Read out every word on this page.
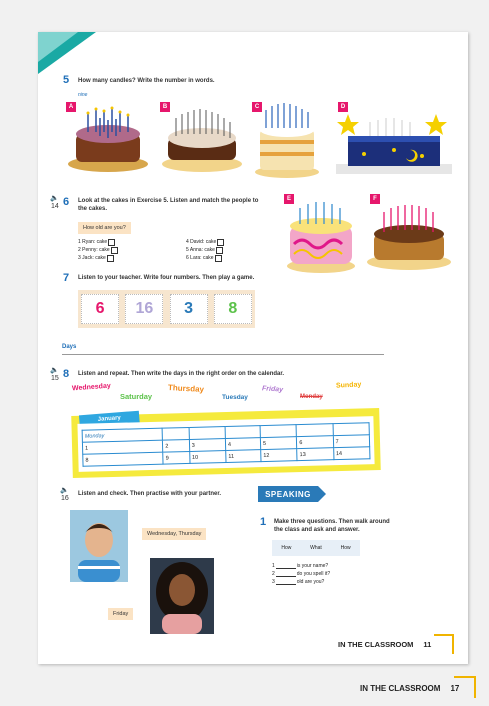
5 How many candles? Write the number in words.
nine
A	B	C	D
🔈
14 6 Look at the cakes in Exercise 5. Listen and match the people to
the cakes.
How old are you?
1 Ryan: cake
2 Penny: cake
3 Jack: cake
4 David: cake
5 Anna: cake
6 Lara: cake
E	F
7 Listen to your teacher. Write four numbers. Then play a game.
6	16	3	8
Days
🔈
15 8 Listen and repeat. Then write the days in the right order on the calendar.
Wednesday
Saturday
Thursday
Tuesday
Friday
Monday
Sunday
January
Monday						
1	2	3	4	5	6	7
8	9	10	11	12	13	14
🔈
16
Listen and check. Then practise with your partner.
Wednesday, Thursday
Friday
SPEAKING
1 Make three questions. Then walk around
the class and ask and answer.
How	What	How
1	is your name?
2	do you spell it?
3	old are you?
IN THE CLASSROOM 11
IN THE CLASSROOM 17
